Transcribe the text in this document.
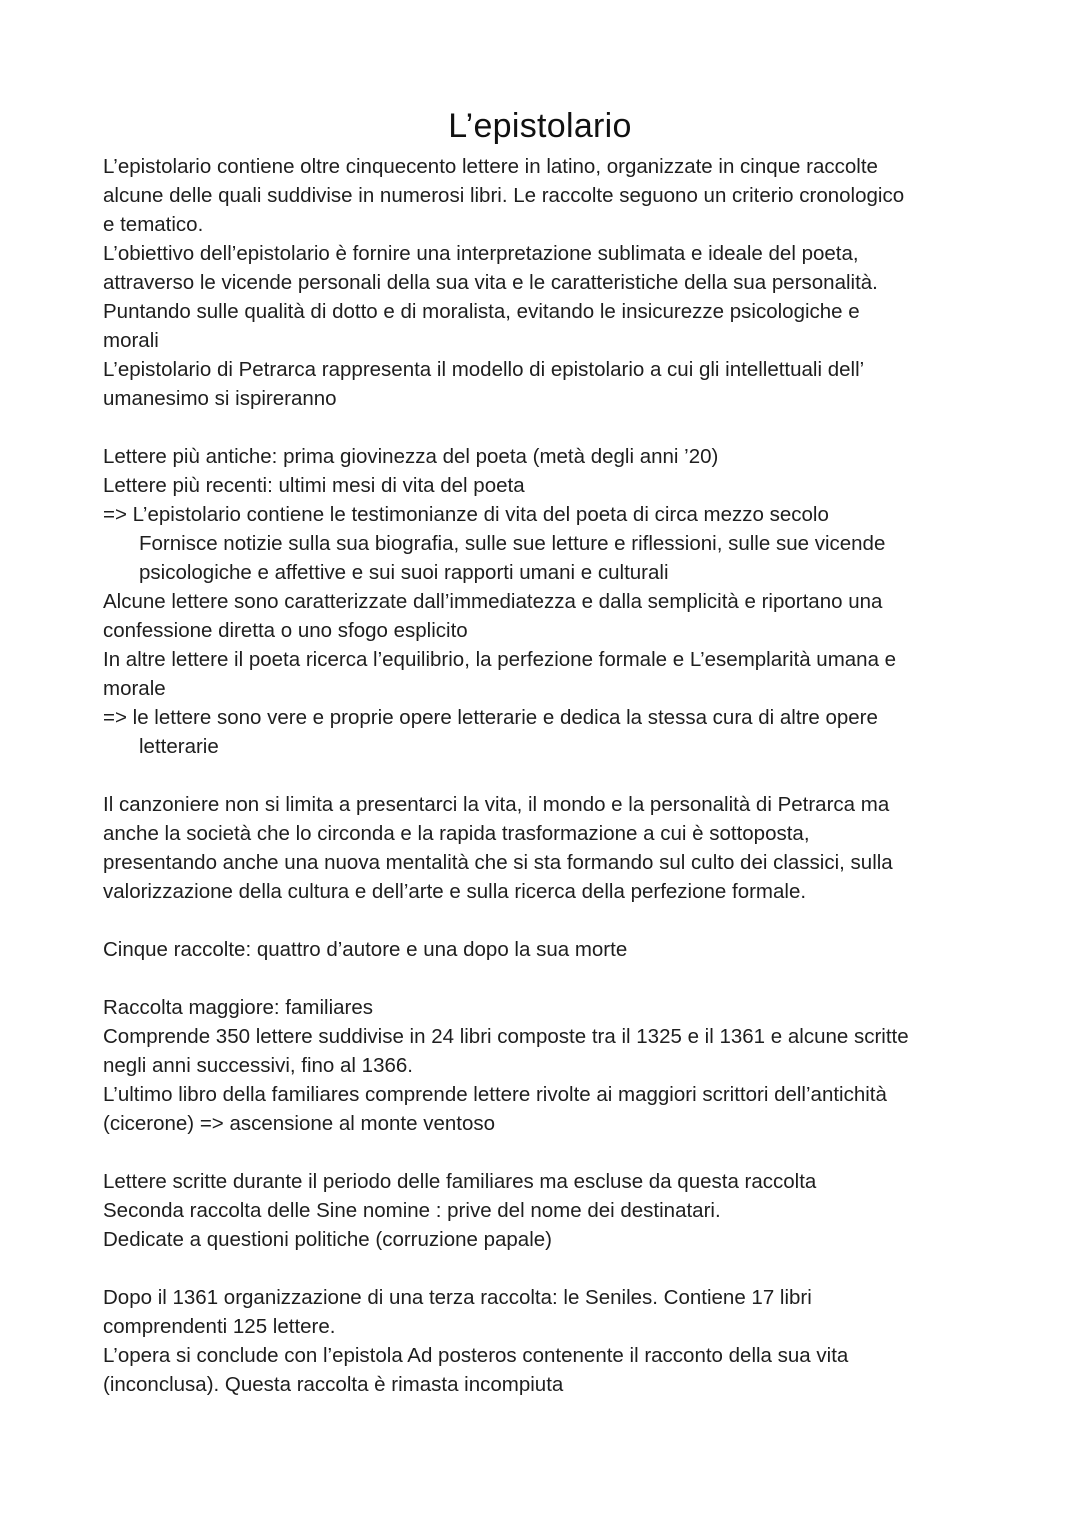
L’epistolario
L’epistolario contiene oltre cinquecento lettere in latino, organizzate in cinque raccolte
alcune delle quali suddivise in numerosi libri. Le raccolte seguono un criterio cronologico
e tematico.
L’obiettivo dell’epistolario è fornire una interpretazione sublimata e ideale del poeta,
attraverso le vicende personali della sua vita e le caratteristiche della sua personalità.
Puntando sulle qualità di dotto e di moralista, evitando le insicurezze psicologiche e
morali
L’epistolario di Petrarca rappresenta il modello di epistolario a cui gli intellettuali dell’
umanesimo si ispireranno
Lettere più antiche: prima giovinezza del poeta (metà degli anni ’20)
Lettere più recenti: ultimi mesi di vita del poeta
=> L’epistolario contiene le testimonianze di vita del poeta di circa mezzo secolo
Fornisce notizie sulla sua biografia, sulle sue letture e riflessioni, sulle sue vicende
psicologiche e affettive e sui suoi rapporti umani e culturali
Alcune lettere sono caratterizzate dall’immediatezza e dalla semplicità e riportano una
confessione diretta o uno sfogo esplicito
In altre lettere il poeta ricerca l’equilibrio, la perfezione formale e L’esemplarità umana e
morale
=> le lettere sono vere e proprie opere letterarie e dedica la stessa cura di altre opere
letterarie
Il canzoniere non si limita a presentarci la vita, il mondo e la personalità di Petrarca ma
anche la società che lo circonda e la rapida trasformazione a cui è sottoposta,
presentando anche una nuova mentalità che si sta formando sul culto dei classici, sulla
valorizzazione della cultura e dell’arte e sulla ricerca della perfezione formale.
Cinque raccolte: quattro d’autore e una dopo la sua morte
Raccolta maggiore: familiares
Comprende 350 lettere suddivise in 24 libri composte tra il 1325 e il 1361 e alcune scritte
negli anni successivi, fino al 1366.
L’ultimo libro della familiares comprende lettere rivolte ai maggiori scrittori dell’antichità
(cicerone) => ascensione al monte ventoso
Lettere scritte durante il periodo delle familiares ma escluse da questa raccolta
Seconda raccolta delle Sine nomine : prive del nome dei destinatari.
Dedicate a questioni politiche (corruzione papale)
Dopo il 1361 organizzazione di una terza raccolta: le Seniles. Contiene 17 libri
comprendenti 125 lettere.
L’opera si conclude con l’epistola Ad posteros contenente il racconto della sua vita
(inconclusa). Questa raccolta è rimasta incompiuta
